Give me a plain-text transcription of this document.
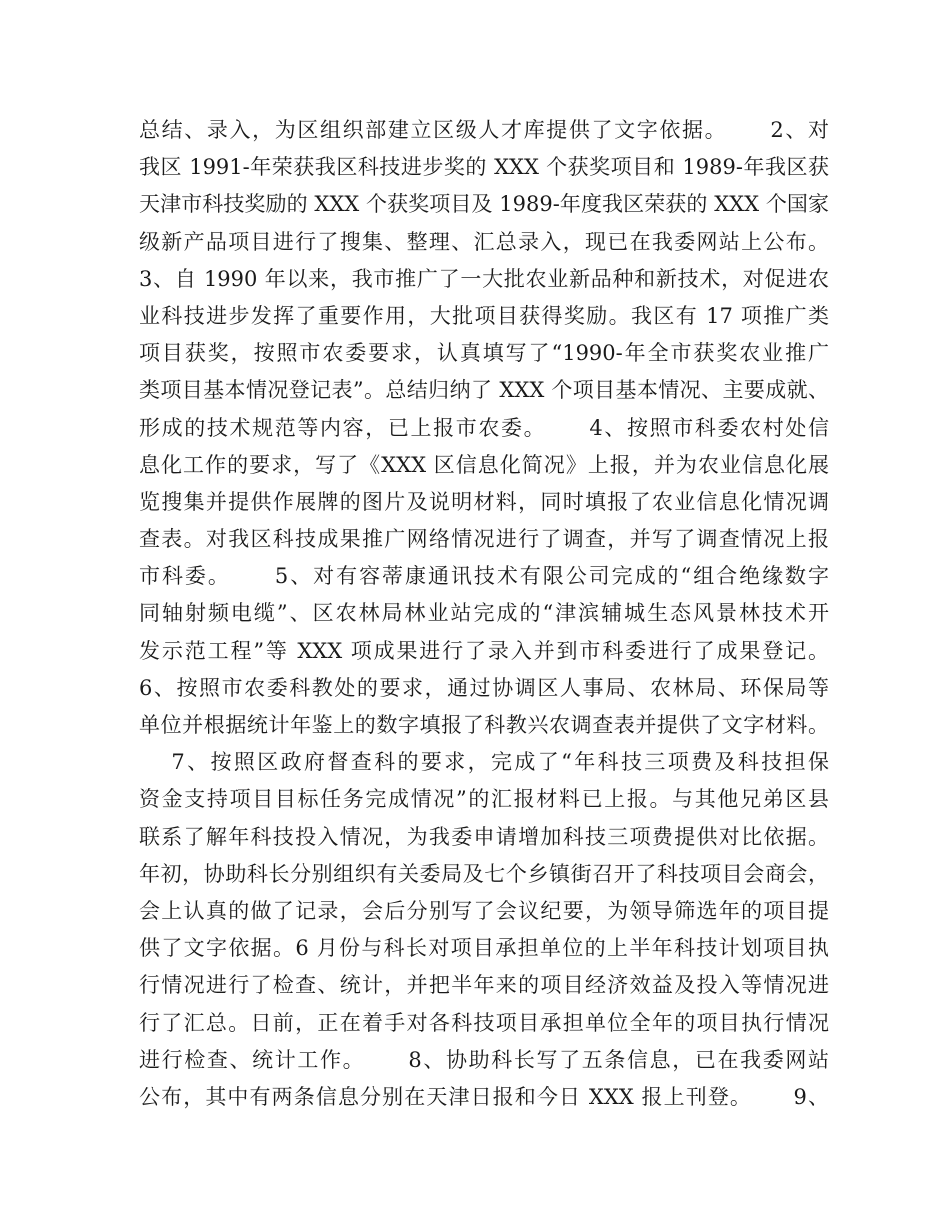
总结、录入，为区组织部建立区级人才库提供了文字依据。　　 2、对
我区 1991-年荣获我区科技进步奖的 XXX 个获奖项目和 1989-年我区获
天津市科技奖励的 XXX 个获奖项目及 1989-年度我区荣获的 XXX 个国家
级新产品项目进行了搜集、整理、汇总录入，现已在我委网站上公布。
3、自 1990 年以来，我市推广了一大批农业新品种和新技术，对促进农
业科技进步发挥了重要作用，大批项目获得奖励。我区有 17 项推广类
项目获奖，按照市农委要求，认真填写了“1990-年全市获奖农业推广
类项目基本情况登记表”。总结归纳了 XXX 个项目基本情况、主要成就、
形成的技术规范等内容，已上报市农委。　　 4、按照市科委农村处信
息化工作的要求，写了《XXX 区信息化简况》上报，并为农业信息化展
览搜集并提供作展牌的图片及说明材料，同时填报了农业信息化情况调
查表。对我区科技成果推广网络情况进行了调查，并写了调查情况上报
市科委。　　 5、对有容蒂康通讯技术有限公司完成的“组合绝缘数字
同轴射频电缆”、区农林局林业站完成的“津滨辅城生态风景林技术开
发示范工程”等 XXX 项成果进行了录入并到市科委进行了成果登记。
6、按照市农委科教处的要求，通过协调区人事局、农林局、环保局等
单位并根据统计年鉴上的数字填报了科教兴农调查表并提供了文字材料。
　 7、按照区政府督查科的要求，完成了“年科技三项费及科技担保
资金支持项目目标任务完成情况”的汇报材料已上报。与其他兄弟区县
联系了解年科技投入情况，为我委申请增加科技三项费提供对比依据。
年初，协助科长分别组织有关委局及七个乡镇街召开了科技项目会商会，
会上认真的做了记录，会后分别写了会议纪要，为领导筛选年的项目提
供了文字依据。6 月份与科长对项目承担单位的上半年科技计划项目执
行情况进行了检查、统计，并把半年来的项目经济效益及投入等情况进
行了汇总。日前，正在着手对各科技项目承担单位全年的项目执行情况
进行检查、统计工作。　　 8、协助科长写了五条信息，已在我委网站
公布，其中有两条信息分别在天津日报和今日 XXX 报上刊登。　　 9、
